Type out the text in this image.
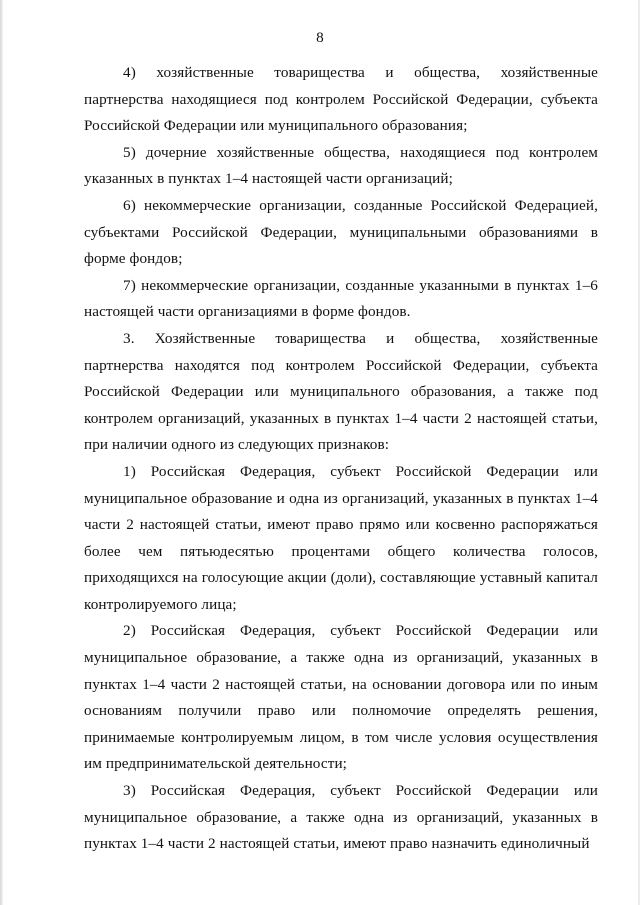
8

4) хозяйственные товарищества и общества, хозяйственные партнерства находящиеся под контролем Российской Федерации, субъекта Российской Федерации или муниципального образования;

5) дочерние хозяйственные общества, находящиеся под контролем указанных в пунктах 1–4 настоящей части организаций;

6) некоммерческие организации, созданные Российской Федерацией, субъектами Российской Федерации, муниципальными образованиями в форме фондов;

7) некоммерческие организации, созданные указанными в пунктах 1–6 настоящей части организациями в форме фондов.

3. Хозяйственные товарищества и общества, хозяйственные партнерства находятся под контролем Российской Федерации, субъекта Российской Федерации или муниципального образования, а также под контролем организаций, указанных в пунктах 1–4 части 2 настоящей статьи, при наличии одного из следующих признаков:

1) Российская Федерация, субъект Российской Федерации или муниципальное образование и одна из организаций, указанных в пунктах 1–4 части 2 настоящей статьи, имеют право прямо или косвенно распоряжаться более чем пятьюдесятью процентами общего количества голосов, приходящихся на голосующие акции (доли), составляющие уставный капитал контролируемого лица;

2) Российская Федерация, субъект Российской Федерации или муниципальное образование, а также одна из организаций, указанных в пунктах 1–4 части 2 настоящей статьи, на основании договора или по иным основаниям получили право или полномочие определять решения, принимаемые контролируемым лицом, в том числе условия осуществления им предпринимательской деятельности;

3) Российская Федерация, субъект Российской Федерации или муниципальное образование, а также одна из организаций, указанных в пунктах 1–4 части 2 настоящей статьи, имеют право назначить единоличный
